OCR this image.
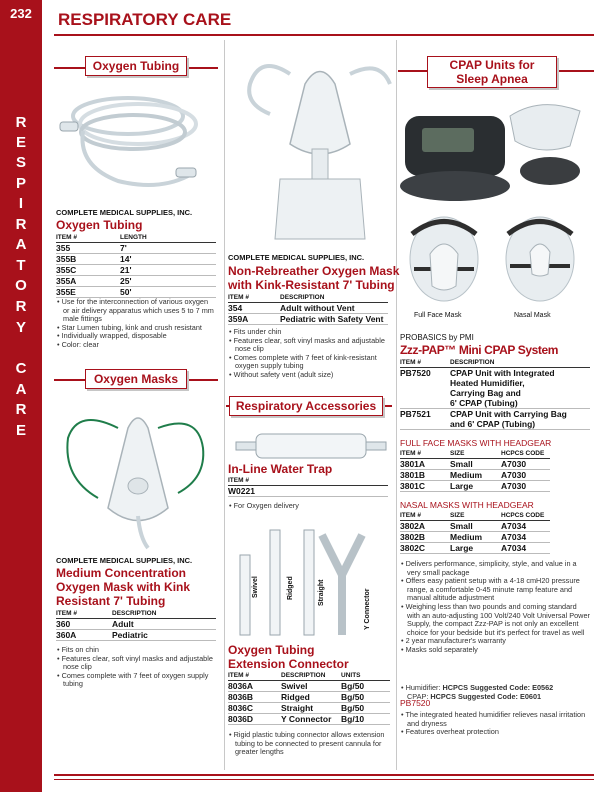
232
R
E
S
P
I
R
A
T
O
R
Y
C
A
R
E
RESPIRATORY CARE
Oxygen Tubing
COMPLETE MEDICAL SUPPLIES, INC.
Oxygen Tubing
ITEM #	LENGTH
355	7'
355B	14'
355C	21'
355A	25'
355E	50'
• Use for the interconnection of various oxygen or air delivery apparatus which uses 5 to 7 mm male fittings
• Star Lumen tubing, kink and crush resistant
• Individually wrapped, disposable
• Color: clear
Oxygen Masks
COMPLETE MEDICAL SUPPLIES, INC.
Medium Concentration
Oxygen Mask with Kink
Resistant 7' Tubing
ITEM #	DESCRIPTION
360	Adult
360A	Pediatric
• Fits on chin
• Features clear, soft vinyl masks and adjustable nose clip
• Comes complete with 7 feet of oxygen supply tubing
COMPLETE MEDICAL SUPPLIES, INC.
Non-Rebreather Oxygen Mask
with Kink-Resistant 7' Tubing
ITEM #	DESCRIPTION
354	Adult without Vent
359A	Pediatric with Safety Vent
• Fits under chin
• Features clear, soft vinyl masks and adjustable nose clip
• Comes complete with 7 feet of kink-resistant oxygen supply tubing
• Without safety vent (adult size)
Respiratory Accessories
In-Line Water Trap
ITEM #
W0221
• For Oxygen delivery
Swivel	Ridged	Straight	Y Connector
Oxygen Tubing
Extension Connector
ITEM #	DESCRIPTION	UNITS
8036A	Swivel	Bg/50
8036B	Ridged	Bg/50
8036C	Straight	Bg/50
8036D	Y Connector	Bg/10
• Rigid plastic tubing connector allows extension tubing to be connected to present cannula for greater lengths
CPAP Units for
Sleep Apnea
Full Face Mask	Nasal Mask
PROBASICS by PMI
Zzz-PAP™ Mini CPAP System
ITEM #	DESCRIPTION
PB7520	CPAP Unit with Integrated
Heated Humidifier,
Carrying Bag and
6' CPAP (Tubing)
PB7521	CPAP Unit with Carrying Bag
and 6' CPAP (Tubing)
FULL FACE MASKS WITH HEADGEAR
ITEM #	SIZE	HCPCS CODE
3801A	Small	A7030
3801B	Medium	A7030
3801C	Large	A7030
NASAL MASKS WITH HEADGEAR
ITEM #	SIZE	HCPCS CODE
3802A	Small	A7034
3802B	Medium	A7034
3802C	Large	A7034
• Delivers performance, simplicity, style, and value in a very small package
• Offers easy patient setup with a 4-18 cmH20 pressure range, a comfortable 0-45 minute ramp feature and manual altitude adjustment
• Weighing less than two pounds and coming standard with an auto-adjusting 100 Volt/240 Volt Universal Power Supply, the compact Zzz-PAP is not only an excellent choice for your bedside but it's perfect for travel as well
• 2 year manufacturer's warranty
• Masks sold separately
• Humidifier: HCPCS Suggested Code: E0562
CPAP: HCPCS Suggested Code: E0601
PB7520
• The integrated heated humidifier relieves nasal irritation and dryness
• Features overheat protection
